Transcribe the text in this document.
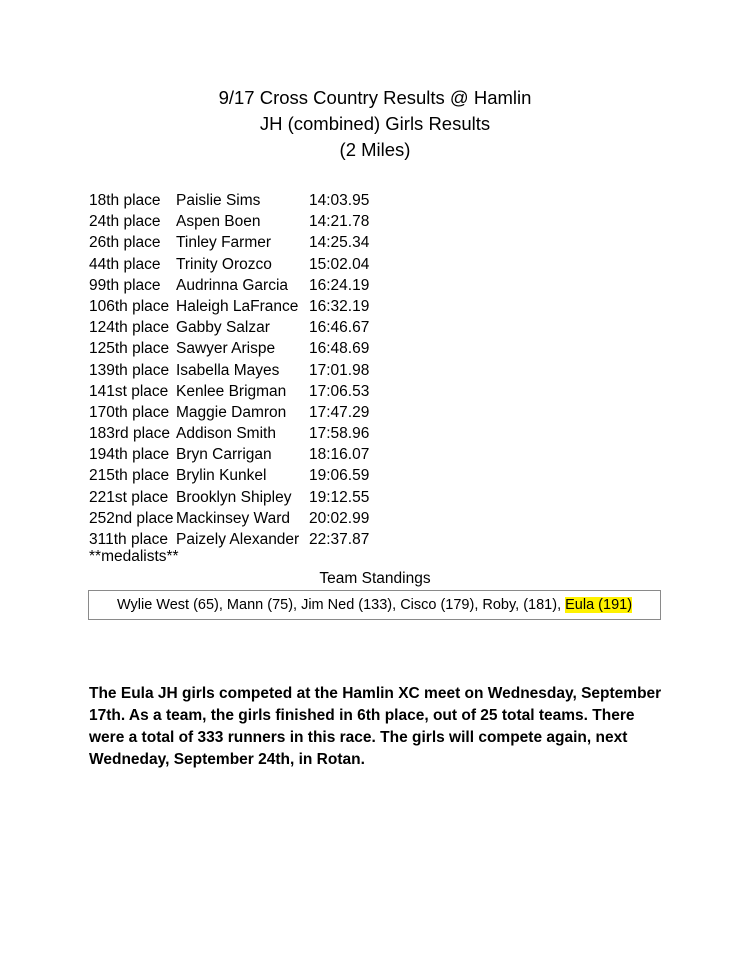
9/17 Cross Country Results @ Hamlin
JH (combined) Girls Results
(2 Miles)
18th place Paislie Sims	14:03.95
24th place Aspen Boen	14:21.78
26th place Tinley Farmer 14:25.34
44th place Trinity Orozco 15:02.04
99th place Audrinna Garcia 16:24.19
106th place Haleigh LaFrance 16:32.19
124th place Gabby Salzar	16:46.67
125th place Sawyer Arispe 16:48.69
139th place Isabella Mayes 17:01.98
141st place Kenlee Brigman 17:06.53
170th place Maggie Damron 17:47.29
183rd place Addison Smith 17:58.96
194th place Bryn Carrigan 18:16.07
215th place Brylin Kunkel	19:06.59
221st place Brooklyn Shipley 19:12.55
252nd place Mackinsey Ward 20:02.99
311th place Paizely Alexander 22:37.87
**medalists**
Team Standings
Wylie West (65), Mann (75), Jim Ned (133), Cisco (179), Roby, (181), Eula (191)
The Eula JH girls competed at the Hamlin XC meet on Wednesday, September 17th. As a team, the girls finished in 6th place, out of 25 total teams. There were a total of 333 runners in this race. The girls will compete again, next Wedneday, September 24th, in Rotan.
